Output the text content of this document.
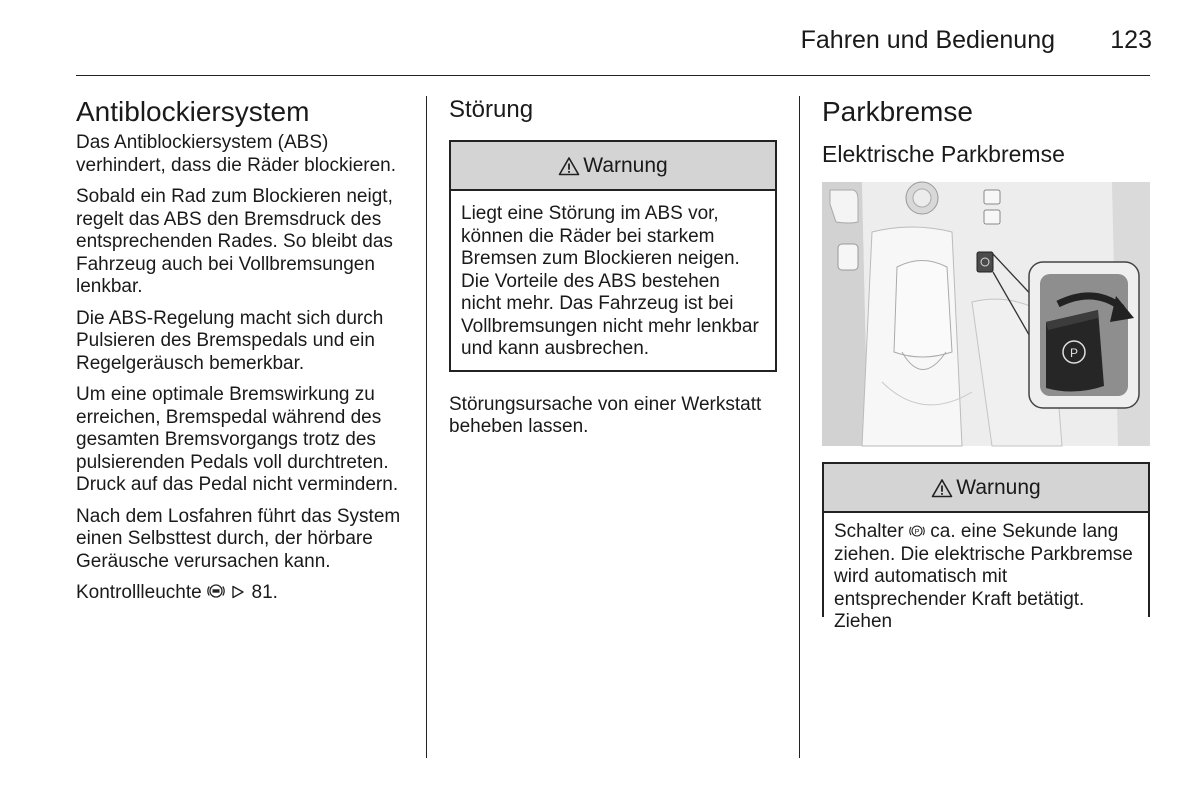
Fahren und Bedienung	123
Antiblockiersystem

Das Antiblockiersystem (ABS) verhindert, dass die Räder blockieren.

Sobald ein Rad zum Blockieren neigt, regelt das ABS den Bremsdruck des entsprechenden Rades. So bleibt das Fahrzeug auch bei Vollbremsungen lenkbar.

Die ABS-Regelung macht sich durch Pulsieren des Bremspedals und ein Regelgeräusch bemerkbar.

Um eine optimale Bremswirkung zu erreichen, Bremspedal während des gesamten Bremsvorgangs trotz des pulsierenden Pedals voll durchtreten. Druck auf das Pedal nicht vermindern.

Nach dem Losfahren führt das System einen Selbsttest durch, der hörbare Geräusche verursachen kann.

Kontrollleuchte	81.

Störung
Warnung
Liegt eine Störung im ABS vor, können die Räder bei starkem Bremsen zum Blockieren neigen. Die Vorteile des ABS bestehen nicht mehr. Das Fahrzeug ist bei Vollbremsungen nicht mehr lenkbar und kann ausbrechen.

Störungsursache von einer Werkstatt beheben lassen.

Parkbremse
Elektrische Parkbremse
P
Warnung
Schalter P ca. eine Sekunde lang ziehen. Die elektrische Parkbremse wird automatisch mit entsprechender Kraft betätigt. Ziehen
